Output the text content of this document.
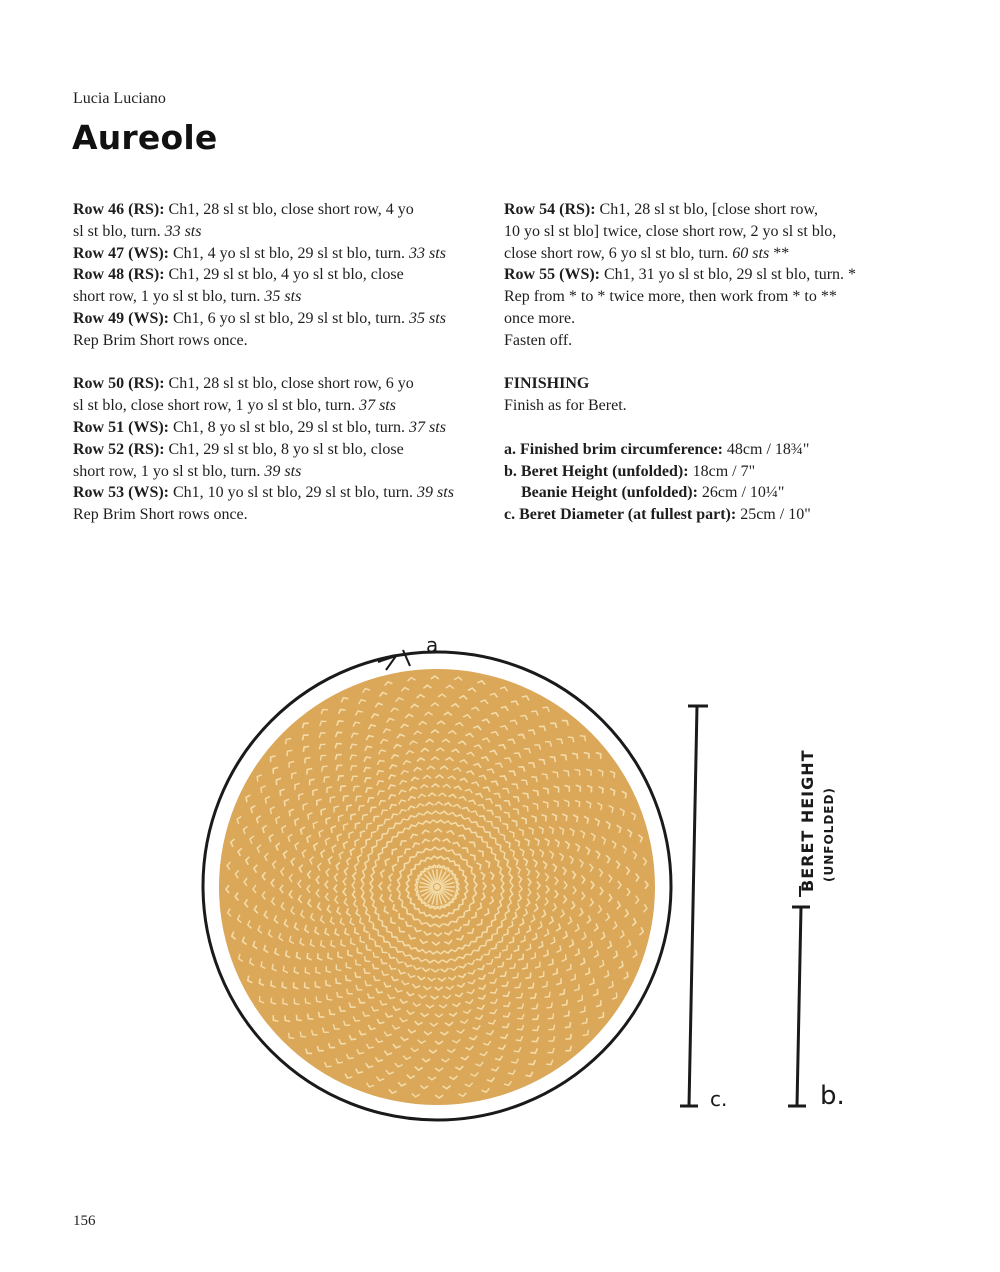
Lucia Luciano
Aureole
Row 46 (RS): Ch1, 28 sl st blo, close short row, 4 yo
sl st blo, turn. 33 sts
Row 47 (WS): Ch1, 4 yo sl st blo, 29 sl st blo, turn. 33 sts
Row 48 (RS): Ch1, 29 sl st blo, 4 yo sl st blo, close
short row, 1 yo sl st blo, turn. 35 sts
Row 49 (WS): Ch1, 6 yo sl st blo, 29 sl st blo, turn. 35 sts
Rep Brim Short rows once.
Row 50 (RS): Ch1, 28 sl st blo, close short row, 6 yo
sl st blo, close short row, 1 yo sl st blo, turn. 37 sts
Row 51 (WS): Ch1, 8 yo sl st blo, 29 sl st blo, turn. 37 sts
Row 52 (RS): Ch1, 29 sl st blo, 8 yo sl st blo, close
short row, 1 yo sl st blo, turn. 39 sts
Row 53 (WS): Ch1, 10 yo sl st blo, 29 sl st blo, turn. 39 sts
Rep Brim Short rows once.
Row 54 (RS): Ch1, 28 sl st blo, [close short row,
10 yo sl st blo] twice, close short row, 2 yo sl st blo,
close short row, 6 yo sl st blo, turn. 60 sts **
Row 55 (WS): Ch1, 31 yo sl st blo, 29 sl st blo, turn. *
Rep from * to * twice more, then work from * to **
once more.
Fasten off.
FINISHING
Finish as for Beret.
a. Finished brim circumference: 48cm / 18¾"
b. Beret Height (unfolded): 18cm / 7"
Beanie Height (unfolded): 26cm / 10¼"
c. Beret Diameter (at fullest part): 25cm / 10"
a
c.	b.
BERET HEIGHT (UNFOLDED)
156
